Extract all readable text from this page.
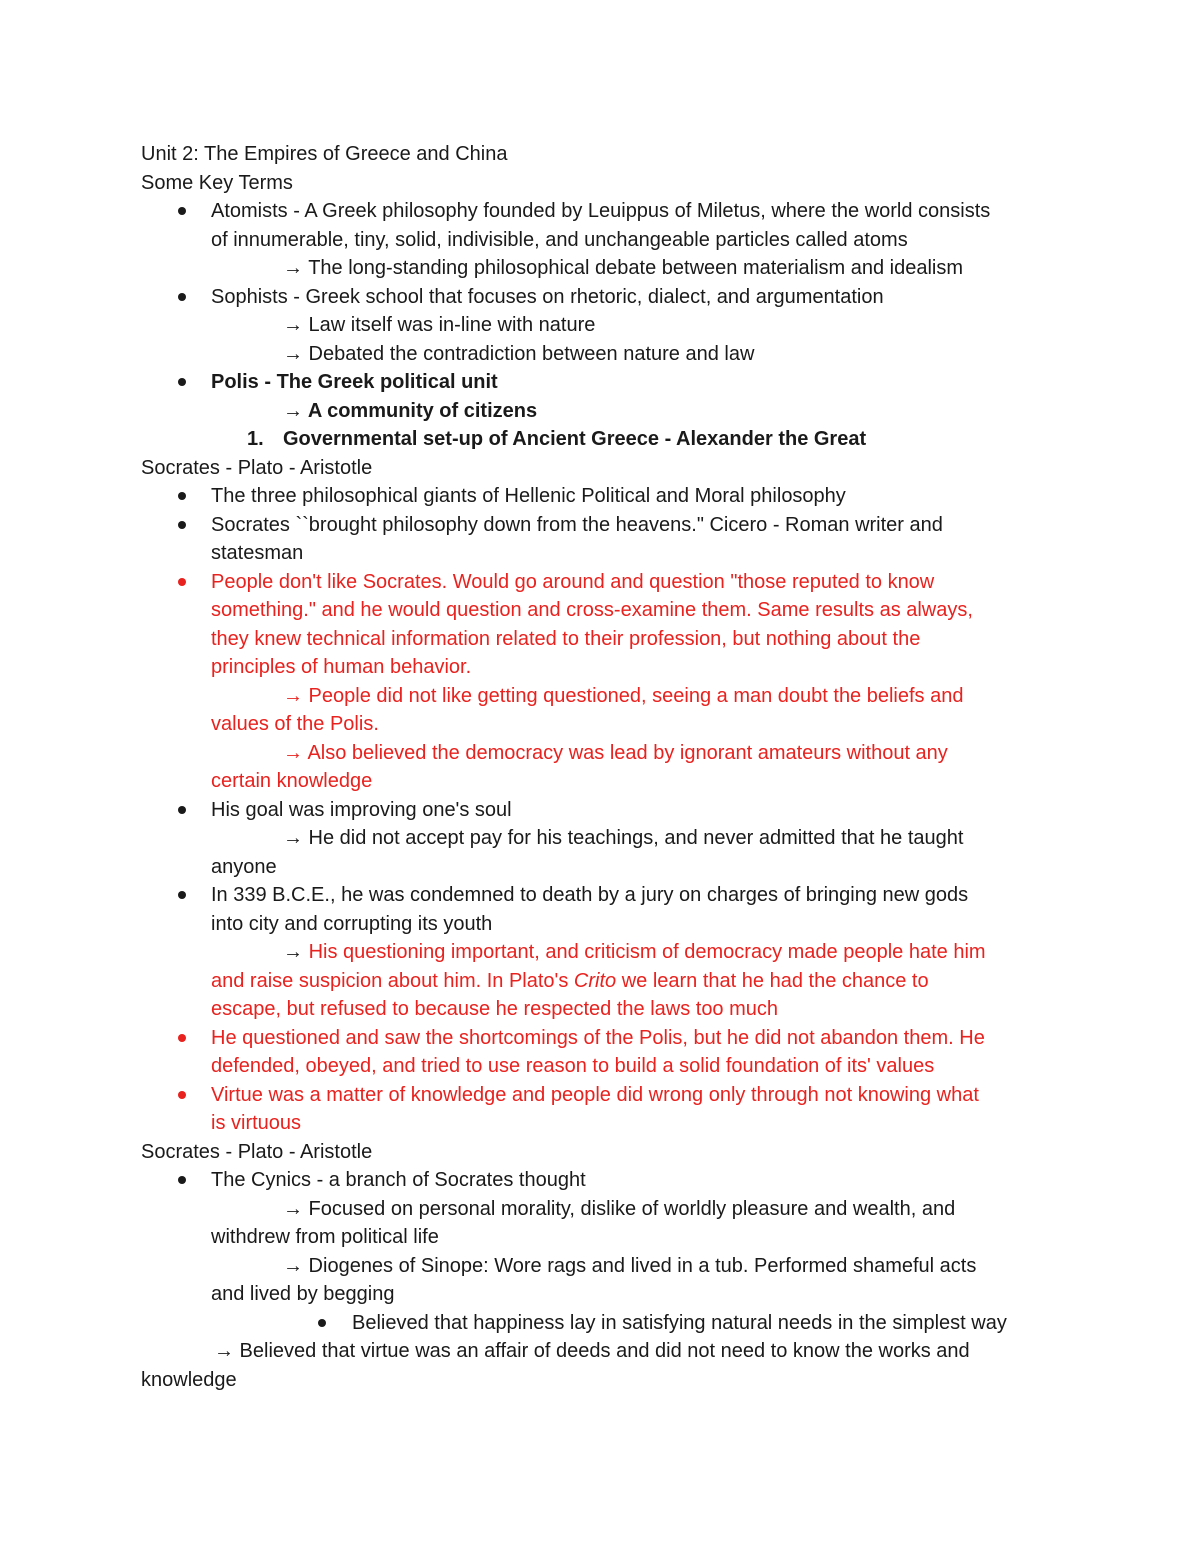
Unit 2: The Empires of Greece and China
Some Key Terms
Atomists - A Greek philosophy founded by Leuippus of Miletus, where the world consists
of innumerable, tiny, solid, indivisible, and unchangeable particles called atoms
→ The long-standing philosophical debate between materialism and idealism
Sophists - Greek school that focuses on rhetoric, dialect, and argumentation
→ Law itself was in-line with nature
→ Debated the contradiction between nature and law
Polis - The Greek political unit
→ A community of citizens
1. Governmental set-up of Ancient Greece - Alexander the Great
Socrates - Plato - Aristotle
The three philosophical giants of Hellenic Political and Moral philosophy
Socrates ``brought philosophy down from the heavens." Cicero - Roman writer and
statesman
People don't like Socrates. Would go around and question "those reputed to know
something." and he would question and cross-examine them. Same results as always,
they knew technical information related to their profession, but nothing about the
principles of human behavior.
→ People did not like getting questioned, seeing a man doubt the beliefs and
values of the Polis.
→ Also believed the democracy was lead by ignorant amateurs without any
certain knowledge
His goal was improving one's soul
→ He did not accept pay for his teachings, and never admitted that he taught
anyone
In 339 B.C.E., he was condemned to death by a jury on charges of bringing new gods
into city and corrupting its youth
→ His questioning important, and criticism of democracy made people hate him
and raise suspicion about him. In Plato's Crito we learn that he had the chance to
escape, but refused to because he respected the laws too much
He questioned and saw the shortcomings of the Polis, but he did not abandon them. He
defended, obeyed, and tried to use reason to build a solid foundation of its' values
Virtue was a matter of knowledge and people did wrong only through not knowing what
is virtuous
Socrates - Plato - Aristotle
The Cynics - a branch of Socrates thought
→ Focused on personal morality, dislike of worldly pleasure and wealth, and
withdrew from political life
→ Diogenes of Sinope: Wore rags and lived in a tub. Performed shameful acts
and lived by begging
Believed that happiness lay in satisfying natural needs in the simplest way
→ Believed that virtue was an affair of deeds and did not need to know the works and
knowledge
